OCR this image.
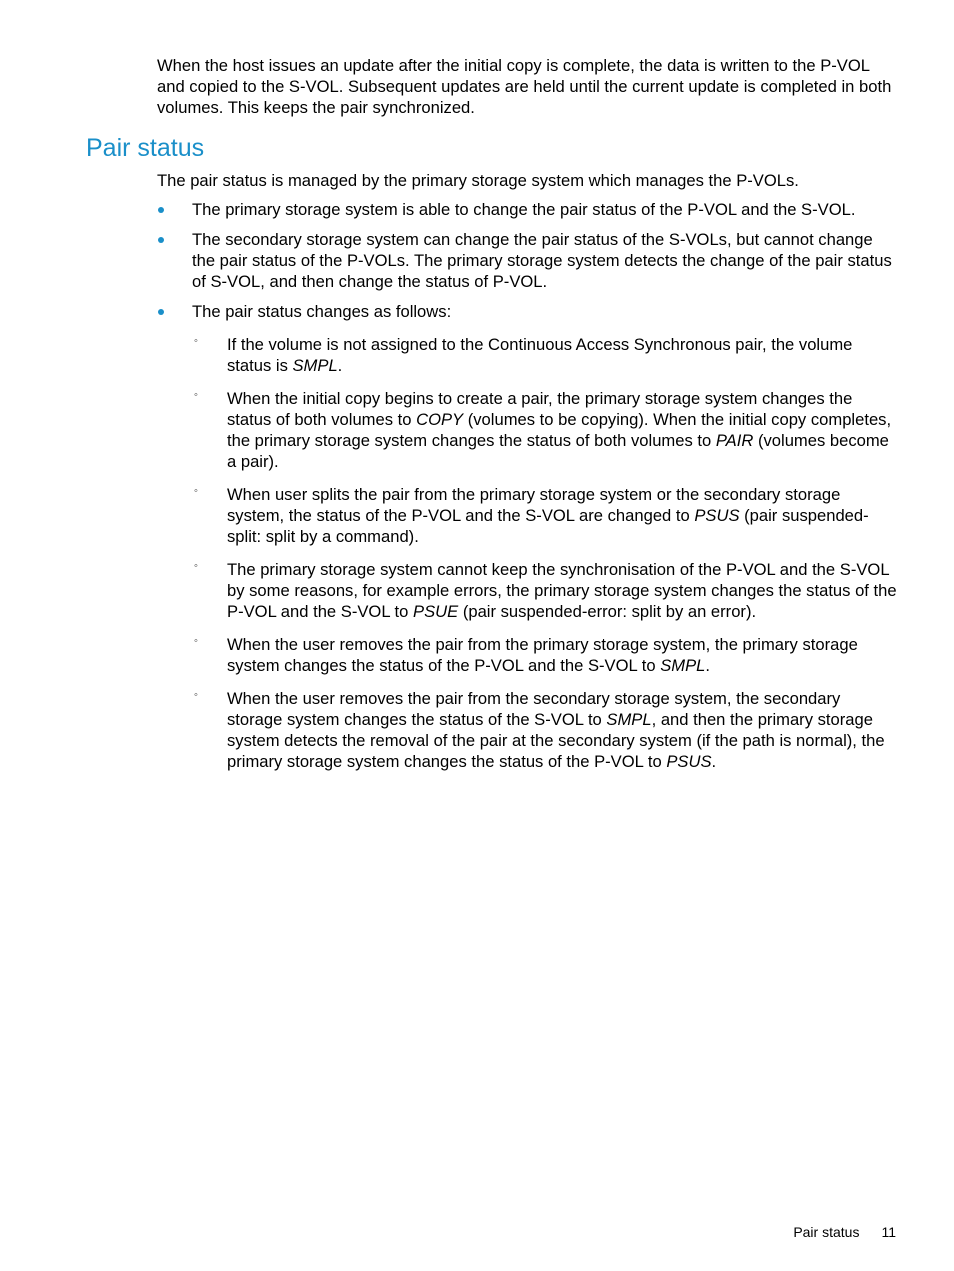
When the host issues an update after the initial copy is complete, the data is written to the P-VOL and copied to the S-VOL. Subsequent updates are held until the current update is completed in both volumes. This keeps the pair synchronized.

Pair status

The pair status is managed by the primary storage system which manages the P-VOLs.

The primary storage system is able to change the pair status of the P-VOL and the S-VOL.
The secondary storage system can change the pair status of the S-VOLs, but cannot change the pair status of the P-VOLs. The primary storage system detects the change of the pair status of S-VOL, and then change the status of P-VOL.
The pair status changes as follows:
◦ If the volume is not assigned to the Continuous Access Synchronous pair, the volume status is SMPL.
◦ When the initial copy begins to create a pair, the primary storage system changes the status of both volumes to COPY (volumes to be copying). When the initial copy completes, the primary storage system changes the status of both volumes to PAIR (volumes become a pair).
◦ When user splits the pair from the primary storage system or the secondary storage system, the status of the P-VOL and the S-VOL are changed to PSUS (pair suspended-split: split by a command).
◦ The primary storage system cannot keep the synchronisation of the P-VOL and the S-VOL by some reasons, for example errors, the primary storage system changes the status of the P-VOL and the S-VOL to PSUE (pair suspended-error: split by an error).
◦ When the user removes the pair from the primary storage system, the primary storage system changes the status of the P-VOL and the S-VOL to SMPL.
◦ When the user removes the pair from the secondary storage system, the secondary storage system changes the status of the S-VOL to SMPL, and then the primary storage system detects the removal of the pair at the secondary system (if the path is normal), the primary storage system changes the status of the P-VOL to PSUS.
Pair status 11
